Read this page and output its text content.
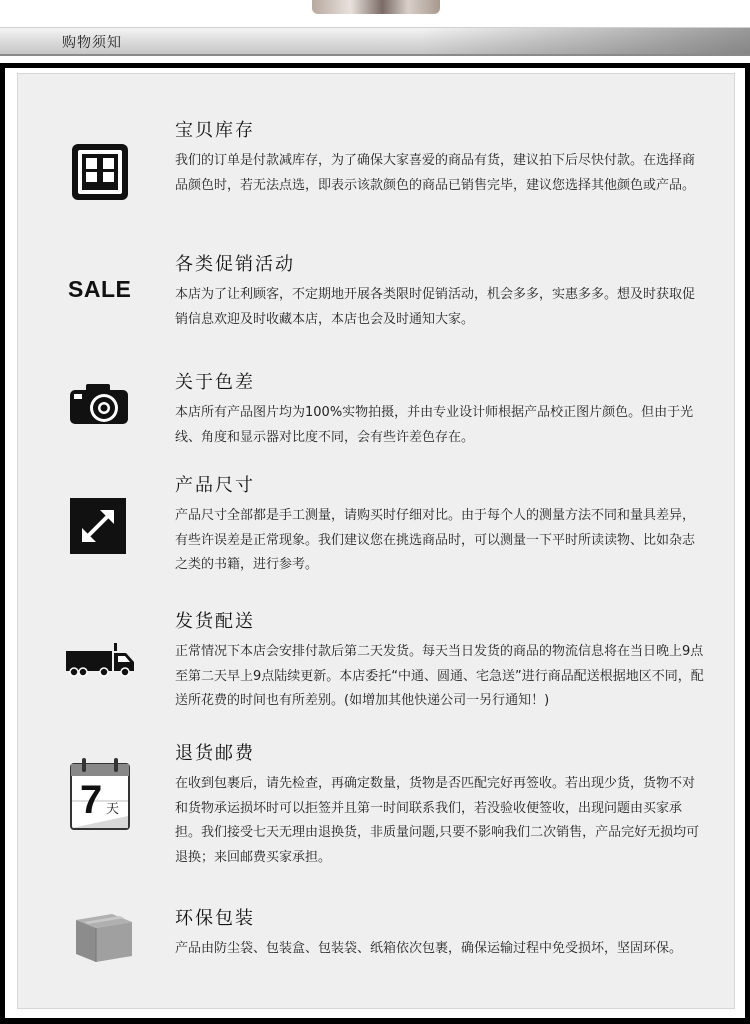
购物须知
宝贝库存

我们的订单是付款减库存，为了确保大家喜爱的商品有货，建议拍下后尽快付款。在选择商品颜色时，若无法点选，即表示该款颜色的商品已销售完毕，建议您选择其他颜色或产品。

SALE
各类促销活动

本店为了让利顾客，不定期地开展各类限时促销活动，机会多多，实惠多多。想及时获取促销信息欢迎及时收藏本店，本店也会及时通知大家。

关于色差

本店所有产品图片均为100%实物拍摄，并由专业设计师根据产品校正图片颜色。但由于光线、角度和显示器对比度不同，会有些许差色存在。

产品尺寸

产品尺寸全部都是手工测量，请购买时仔细对比。由于每个人的测量方法不同和量具差异，有些许误差是正常现象。我们建议您在挑选商品时，可以测量一下平时所读读物、比如杂志之类的书籍，进行参考。

发货配送

正常情况下本店会安排付款后第二天发货。每天当日发货的商品的物流信息将在当日晚上9点至第二天早上9点陆续更新。本店委托“中通、圆通、宅急送”进行商品配送根据地区不同，配送所花费的时间也有所差别。(如增加其他快递公司一另行通知！)

7 天
退货邮费

在收到包裹后，请先检查，再确定数量，货物是否匹配完好再签收。若出现少货，货物不对和货物承运损坏时可以拒签并且第一时间联系我们，若没验收便签收，出现问题由买家承担。我们接受七天无理由退换货，非质量问题,只要不影响我们二次销售，产品完好无损均可退换；来回邮费买家承担。

环保包装

产品由防尘袋、包装盒、包装袋、纸箱依次包裹，确保运输过程中免受损坏，坚固环保。
